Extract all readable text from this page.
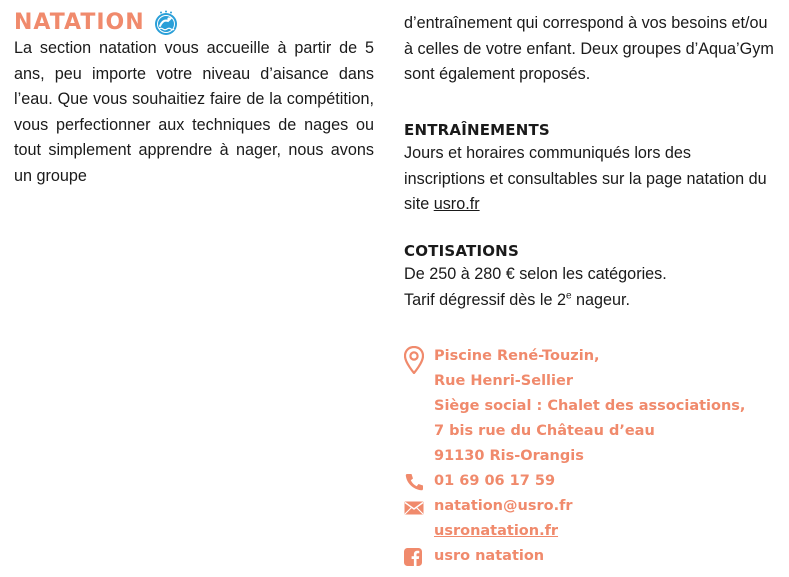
NATATION

La section natation vous accueille à partir de 5 ans, peu importe votre niveau d’aisance dans l’eau. Que vous souhaitiez faire de la compétition, vous perfectionner aux techniques de nages ou tout simplement apprendre à nager, nous avons un groupe

d’entraînement qui correspond à vos besoins et/ou à celles de votre enfant. Deux groupes d’Aqua’Gym sont également proposés.

ENTRAÎNEMENTS

Jours et horaires communiqués lors des inscriptions et consultables sur la page natation du site usro.fr

COTISATIONS

De 250 à 280 € selon les catégories.

Tarif dégressif dès le 2e nageur.

Piscine René-Touzin,
Rue Henri-Sellier
Siège social : Chalet des associations,
7 bis rue du Château d’eau
91130 Ris-Orangis
01 69 06 17 59
natation@usro.fr
usronatation.fr
usro natation
